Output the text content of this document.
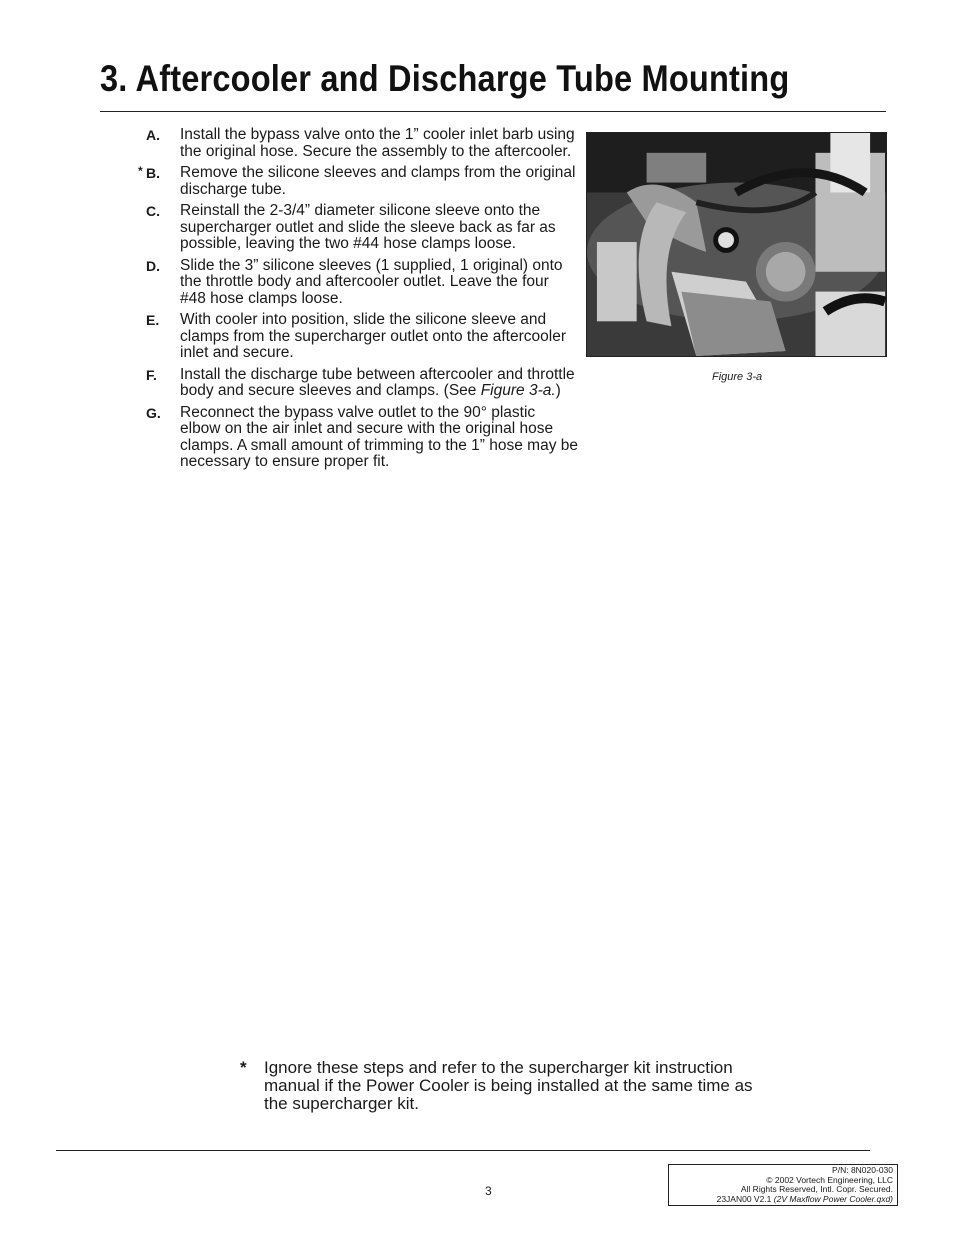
3. Aftercooler and Discharge Tube Mounting
A. Install the bypass valve onto the 1” cooler inlet barb using the original hose. Secure the assembly to the aftercooler.
* B. Remove the silicone sleeves and clamps from the original discharge tube.
C. Reinstall the 2-3/4” diameter silicone sleeve onto the supercharger outlet and slide the sleeve back as far as possible, leaving the two #44 hose clamps loose.
D. Slide the 3” silicone sleeves (1 supplied, 1 original) onto the throttle body and aftercooler outlet. Leave the four #48 hose clamps loose.
E. With cooler into position, slide the silicone sleeve and clamps from the supercharger outlet onto the aftercooler inlet and secure.
F. Install the discharge tube between aftercooler and throttle body and secure sleeves and clamps. (See Figure 3-a.)
G. Reconnect the bypass valve outlet to the 90° plastic elbow on the air inlet and secure with the original hose clamps. A small amount of trimming to the 1” hose may be necessary to ensure proper fit.
Figure 3-a
*	Ignore these steps and refer to the supercharger kit instruction manual if the Power Cooler is being installed at the same time as the supercharger kit.
3
P/N: 8N020-030
© 2002 Vortech Engineering, LLC
All Rights Reserved, Intl. Copr. Secured.
23JAN00 V2.1 (2V Maxflow Power Cooler.qxd)
